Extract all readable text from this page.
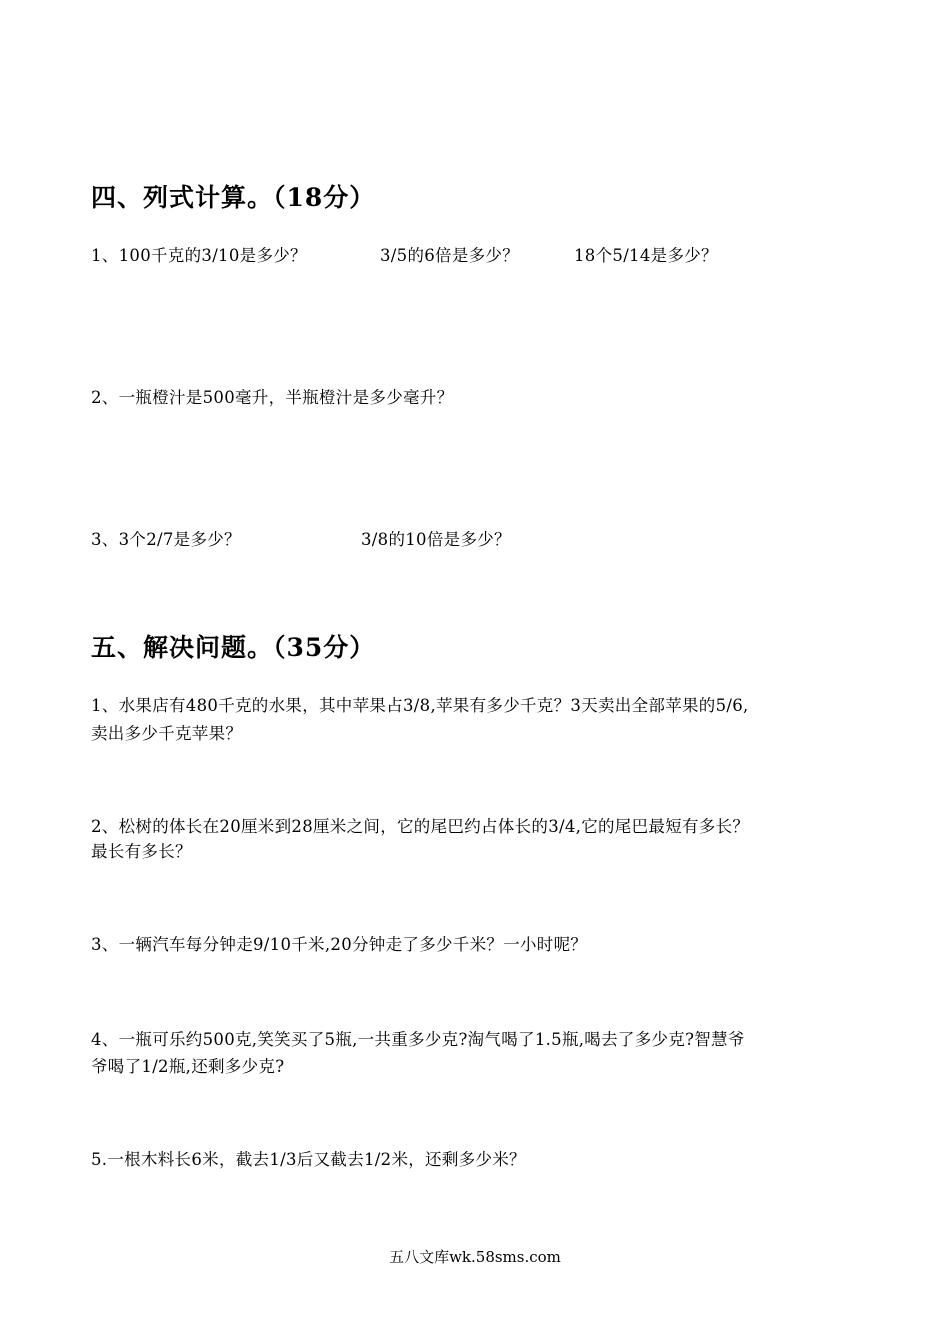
四、列式计算。（18分）
1、100千克的3/10是多少？	3/5的6倍是多少？	18个5/14是多少？
2、一瓶橙汁是500毫升，半瓶橙汁是多少毫升？
3、3个2/7是多少？	3/8的10倍是多少？
五、解决问题。（35分）
1、水果店有480千克的水果，其中苹果占3/8,苹果有多少千克？3天卖出全部苹果的5/6,
卖出多少千克苹果？
2、松树的体长在20厘米到28厘米之间，它的尾巴约占体长的3/4,它的尾巴最短有多长？
最长有多长？
3、一辆汽车每分钟走9/10千米,20分钟走了多少千米？一小时呢？
4、一瓶可乐约500克,笑笑买了5瓶,一共重多少克?淘气喝了1.5瓶,喝去了多少克?智慧爷
爷喝了1/2瓶,还剩多少克?
5.一根木料长6米，截去1/3后又截去1/2米，还剩多少米？
五八文库wk.58sms.com
